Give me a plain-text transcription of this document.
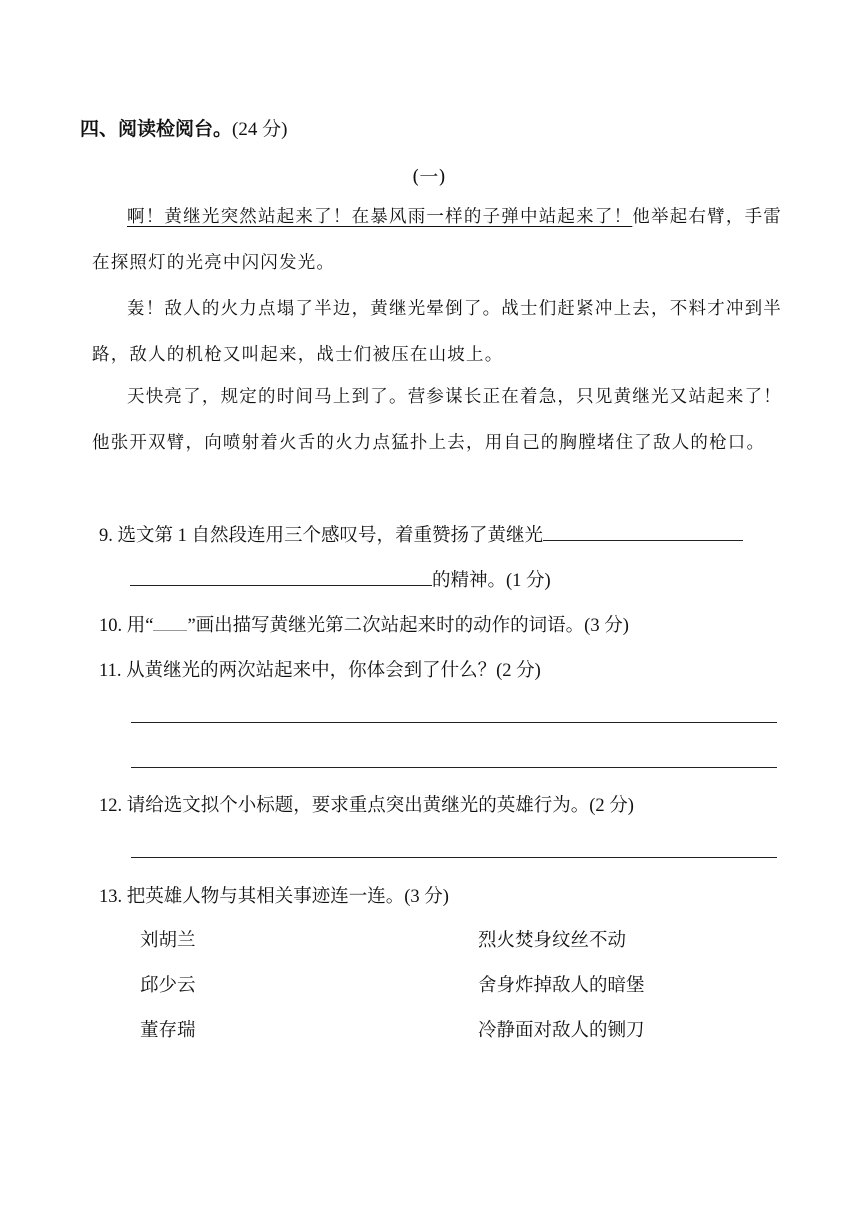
四、阅读检阅台。(24 分)
(一)
啊！黄继光突然站起来了！在暴风雨一样的子弹中站起来了！他举起右臂，手雷在探照灯的光亮中闪闪发光。
轰！敌人的火力点塌了半边，黄继光晕倒了。战士们赶紧冲上去，不料才冲到半路，敌人的机枪又叫起来，战士们被压在山坡上。
天快亮了，规定的时间马上到了。营参谋长正在着急，只见黄继光又站起来了！他张开双臂，向喷射着火舌的火力点猛扑上去，用自己的胸膛堵住了敌人的枪口。
9. 选文第 1 自然段连用三个感叹号，着重赞扬了黄继光
的精神。(1 分)
10. 用“ ”画出描写黄继光第二次站起来时的动作的词语。(3 分)
11. 从黄继光的两次站起来中，你体会到了什么？(2 分)
12. 请给选文拟个小标题，要求重点突出黄继光的英雄行为。(2 分)
13. 把英雄人物与其相关事迹连一连。(3 分)
刘胡兰
邱少云
董存瑞
烈火焚身纹丝不动
舍身炸掉敌人的暗堡
冷静面对敌人的铡刀
